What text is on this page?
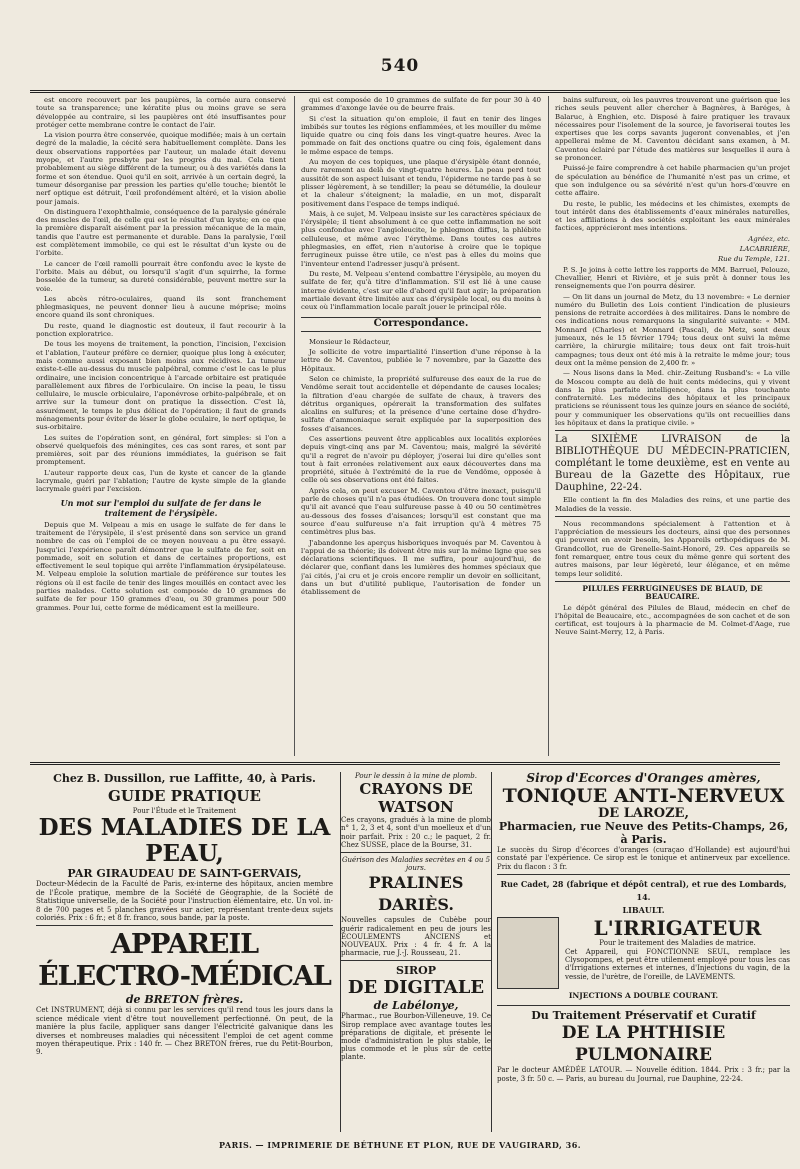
540

est encore recouvert par les paupières, la cornée aura conservé toute sa transparence; une kératite plus ou moins grave se sera développée au contraire, si les paupières ont été insuffisantes pour protéger cette membrane contre le contact de l'air.

La vision pourra être conservée, quoique modifiée; mais à un certain degré de la maladie, la cécité sera habituellement complète. Dans les deux observations rapportées par l'auteur, un malade était devenu myope, et l'autre presbyte par les progrès du mal. Cela tient probablement au siège différent de la tumeur, ou à des variétés dans la forme et son étendue. Quoi qu'il en soit, arrivée à un certain degré, la tumeur désorganise par pression les parties qu'elle touche; bientôt le nerf optique est détruit, l'œil profondément altéré, et la vision abolie pour jamais.

On distinguera l'exophthalmie, conséquence de la paralysie générale des muscles de l'œil, de celle qui est le résultat d'un kyste; en ce que la première disparaît aisément par la pression mécanique de la main, tandis que l'autre est permanente et durable. Dans la paralysie, l'œil est complètement immobile, ce qui est le résultat d'un kyste ou de l'orbite.

Le cancer de l'œil ramolli pourrait être confondu avec le kyste de l'orbite. Mais au début, ou lorsqu'il s'agit d'un squirrhe, la forme bosselée de la tumeur, sa dureté considérable, peuvent mettre sur la voie.

Les abcès rétro-oculaires, quand ils sont franchement phlegmasiques, ne peuvent donner lieu à aucune méprise; moins encore quand ils sont chroniques.

Du reste, quand le diagnostic est douteux, il faut recourir à la ponction exploratrice.

De tous les moyens de traitement, la ponction, l'incision, l'excision et l'ablation, l'auteur préfère ce dernier, quoique plus long à exécuter, mais comme aussi exposant bien moins aux récidives. La tumeur existe-t-elle au-dessus du muscle palpébral, comme c'est le cas le plus ordinaire, une incision concentrique à l'arcade orbitaire est pratiquée parallèlement aux fibres de l'orbiculaire. On incise la peau, le tissu cellulaire, le muscle orbiculaire, l'aponévrose orbito-palpébrale, et on arrive sur la tumeur dont on pratique la dissection. C'est là, assurément, le temps le plus délicat de l'opération; il faut de grands ménagements pour éviter de léser le globe oculaire, le nerf optique, le sus-orbitaire.

Les suites de l'opération sont, en général, fort simples: si l'on a observé quelquefois des méningites, ces cas sont rares, et sont par premières, soit par des réunions immédiates, la guérison se fait promptement.

L'auteur rapporte deux cas, l'un de kyste et cancer de la glande lacrymale, guéri par l'ablation; l'autre de kyste simple de la glande lacrymale guéri par l'excision.

Un mot sur l'emploi du sulfate de fer dans le traitement de l'érysipèle.

Depuis que M. Velpeau a mis en usage le sulfate de fer dans le traitement de l'érysipèle, il s'est présenté dans son service un grand nombre de cas où l'emploi de ce moyen nouveau a pu être essayé. Jusqu'ici l'expérience paraît démontrer que le sulfate de fer, soit en pommade, soit en solution et dans de certaines proportions, est effectivement le seul topique qui arrête l'inflammation érysipélateuse. M. Velpeau emploie la solution martiale de préférence sur toutes les régions où il est facile de tenir des linges mouillés en contact avec les parties malades. Cette solution est composée de 10 grammes de sulfate de fer pour 150 grammes d'eau, ou 30 grammes pour 500 grammes. Pour lui, cette forme de médicament est la meilleure.

qui est composée de 10 grammes de sulfate de fer pour 30 à 40 grammes d'axonge lavée ou de beurre frais.

Si c'est la situation qu'on emploie, il faut en tenir des linges imbibés sur toutes les régions enflammées, et les mouiller du même liquide quatre ou cinq fois dans les vingt-quatre heures. Avec la pommade on fait des onctions quatre ou cinq fois, également dans le même espace de temps.

Au moyen de ces topiques, une plaque d'érysipèle étant donnée, dure rarement au delà de vingt-quatre heures. La peau perd tout aussitôt de son aspect luisant et tendu, l'épiderme ne tarde pas à se plisser légèrement, à se tendiller; la peau se détumélie, la douleur et la chaleur s'éteignent; la maladie, en un mot, disparaît positivement dans l'espace de temps indiqué.

Mais, à ce sujet, M. Velpeau insiste sur les caractères spéciaux de l'érysipèle; il tient absolument à ce que cette inflammation ne soit plus confondue avec l'angioleucite, le phlegmon diffus, la phlébite celluleuse, et même avec l'érythème. Dans toutes ces autres phlegmasies, en effet, rien n'autorise à croire que le topique ferrugineux puisse être utile, ce n'est pas à elles du moins que l'inventeur entend l'adresser jusqu'à présent.

Du reste, M. Velpeau s'entend combattre l'érysipèle, au moyen du sulfate de fer, qu'à titre d'inflammation. S'il est lié à une cause interne évidente, c'est sur elle d'abord qu'il faut agir; la préparation martiale devant être limitée aux cas d'érysipèle local, ou du moins à ceux où l'inflammation locale paraît jouer le principal rôle.

Correspondance.

Monsieur le Rédacteur,

Je sollicite de votre impartialité l'insertion d'une réponse à la lettre de M. Caventou, publiée le 7 novembre, par la Gazette des Hôpitaux.

Selon ce chimiste, la propriété sulfureuse des eaux de la rue de Vendôme serait tout accidentelle et dépendante de causes locales; la filtration d'eau chargée de sulfate de chaux, à travers des détritus organiques, opérerait la transformation des sulfates alcalins en sulfures; et la présence d'une certaine dose d'hydro-sulfate d'ammoniaque serait expliquée par la superposition des fosses d'aisances.

Ces assertions peuvent être applicables aux localités explorées depuis vingt-cinq ans par M. Caventou; mais, malgré la sévérité qu'il a regret de n'avoir pu déployer, j'oserai lui dire qu'elles sont tout à fait erronées relativement aux eaux découvertes dans ma propriété, située à l'extrémité de la rue de Vendôme, opposée à celle où ses observations ont été faites.

Après cela, on peut excuser M. Caventou d'être inexact, puisqu'il parle de choses qu'il n'a pas étudiées. On trouvera donc tout simple qu'il ait avancé que l'eau sulfureuse passe à 40 ou 50 centimètres au-dessous des fosses d'aisances; lorsqu'il est constant que ma source d'eau sulfureuse n'a fait irruption qu'à 4 mètres 75 centimètres plus bas.

J'abandonne les aperçus hisboriques invoqués par M. Caventou à l'appui de sa théorie; ils doivent être mis sur la même ligne que ses déclarations scientifiques. Il me suffira, pour aujourd'hui, de déclarer que, confiant dans les lumières des hommes spéciaux que j'ai cités, j'ai cru et je crois encore remplir un devoir en sollicitant, dans un but d'utilité publique, l'autorisation de fonder un établissement de

bains sulfureux, où les pauvres trouveront une guérison que les riches seuls peuvent aller chercher à Bagnères, à Baréges, à Balaruc, à Enghien, etc. Disposé à faire pratiquer les travaux nécessaires pour l'isolement de la source, je favoriserai toutes les expertises que les corps savants jugeront convenables, et j'en appellerai même de M. Caventou décidant sans examen, à M. Caventou éclairé par l'étude des matières sur lesquelles il aura à se prononcer.

Puissé-je faire comprendre à cet habile pharmacien qu'un projet de spéculation au bénéfice de l'humanité n'est pas un crime, et que son indulgence ou sa sévérité n'est qu'un hors-d'œuvre en cette affaire.

Du reste, le public, les médecins et les chimistes, exempts de tout intérêt dans des établissements d'eaux minérales naturelles, et les affiliations à des sociétés exploitant les eaux minérales factices, apprécieront mes intentions.

Agréez, etc.

LACABRIÈRE,

Rue du Temple, 121.

P. S. Je joins à cette lettre les rapports de MM. Barruel, Pelouze, Chevallier, Henri et Rivière, et je suis prêt à donner tous les renseignements que l'on pourra désirer.

— On lit dans un journal de Metz, du 13 novembre: « Le dernier numéro du Bulletin des Lois contient l'indication de plusieurs pensions de retraite accordées à des militaires. Dans le nombre de ces indications nous remarquons la singularité suivante: « MM. Monnard (Charles) et Monnard (Pascal), de Metz, sont deux jumeaux, nés le 15 février 1794; tous deux ont suivi la même carrière, la chirurgie militaire; tous deux ont fait trois-huit campagnes; tous deux ont été mis à la retraite le même jour; tous deux ont la même pension de 2,400 fr. »

— Nous lisons dans la Med. chir.-Zeitung Rusband's: « La ville de Moscou compte au delà de huit cents médecins, qui y vivent dans la plus parfaite intelligence, dans la plus touchante confraternité. Les médecins des hôpitaux et les principaux praticiens se réunissent tous les quinze jours en séance de société, pour y communiquer les observations qu'ils ont recueillies dans les hôpitaux et dans la pratique civile. »

La SIXIÈME LIVRAISON de la BIBLIOTHÈQUE DU MÉDECIN-PRATICIEN, complétant le tome deuxième, est en vente au Bureau de la Gazette des Hôpitaux, rue Dauphine, 22-24.

Elle contient la fin des Maladies des reins, et une partie des Maladies de la vessie.

Nous recommandons spécialement à l'attention et à l'appréciation de messieurs les docteurs, ainsi que des personnes qui peuvent en avoir besoin, les Appareils orthopédiques de M. Grandcollot, rue de Grenelle-Saint-Honoré, 29. Ces appareils se font remarquer, entre tous ceux du même genre qui sortent des autres maisons, par leur légèreté, leur élégance, et en même temps leur solidité.

PILULES FERRUGINEUSES DE BLAUD, DE BEAUCAIRE.

Le dépôt général des Pilules de Blaud, médecin en chef de l'hôpital de Beaucaire, etc., accompagnées de son cachet et de son certificat, est toujours à la pharmacie de M. Colmet-d'Aage, rue Neuve Saint-Merry, 12, à Paris.

Chez B. Dussillon, rue Laffitte, 40, à Paris.

GUIDE PRATIQUE

Pour l'Étude et le Traitement

DES MALADIES DE LA PEAU,

PAR GIRAUDEAU DE SAINT-GERVAIS,

Docteur-Médecin de la Faculté de Paris, ex-interne des hôpitaux, ancien membre de l'École pratique, membre de la Société de Géographie, de la Société de Statistique universelle, de la Société pour l'instruction élémentaire, etc. Un vol. in-8 de 700 pages et 5 planches gravées sur acier, représentant trente-deux sujets coloriés. Prix : 6 fr.; et 8 fr. franco, sous bande, par la poste.

APPAREIL ÉLECTRO-MÉDICAL

de BRETON frères.

Cet INSTRUMENT, déjà si connu par les services qu'il rend tous les jours dans la science médicale vient d'être tout nouvellement perfectionné. On peut, de la manière la plus facile, appliquer sans danger l'électricité galvanique dans les diverses et nombreuses maladies qui nécessitent l'emploi de cet agent comme moyen thérapeutique. Prix : 140 fr. — Chez BRETON frères, rue du Petit-Bourbon, 9.

Pour le dessin à la mine de plomb.

CRAYONS DE WATSON

Ces crayons, gradués à la mine de plomb n° 1, 2, 3 et 4, sont d'un moelleux et d'un noir parfait. Prix : 20 c.; le paquet, 2 fr. Chez SUSSE, place de la Bourse, 31.

Guérison des Maladies secrètes en 4 ou 5 jours.

PRALINES DARIÈS.

Nouvelles capsules de Cubèbe pour guérir radicalement en peu de jours les ÉCOULEMENTS ANCIENS et NOUVEAUX. Prix : 4 fr. 4 fr. A la pharmacie, rue J.-J. Rousseau, 21.

SIROP

DE DIGITALE

de Labélonye,

Pharmac., rue Bourbon-Villeneuve, 19. Ce Sirop remplace avec avantage toutes les préparations de digitale, et présente le mode d'administration le plus stable, le plus commode et le plus sûr de cette plante.

Sirop d'Écorces d'Oranges amères,

TONIQUE ANTI-NERVEUX

DE LAROZE,

Pharmacien, rue Neuve des Petits-Champs, 26, à Paris.

Le succès du Sirop d'écorces d'oranges (curaçao d'Hollande) est aujourd'hui constaté par l'expérience. Ce sirop est le tonique et antinerveux par excellence. Prix du flacon : 3 fr.

Rue Cadet, 28 (fabrique et dépôt central), et rue des Lombards, 14.

LIBAULT.

L'IRRIGATEUR

Pour le traitement des Maladies de matrice.

Cet Appareil, qui FONCTIONNE SEUL, remplace les Clysopompes, et peut être utilement employé pour tous les cas d'Irrigations externes et internes, d'Injections du vagin, de la vessie, de l'urètre, de l'oreille, de LAVEMENTS.

INJECTIONS A DOUBLE COURANT.

Du Traitement Préservatif et Curatif

DE LA PHTHISIE PULMONAIRE

Par le docteur AMÉDÉE LATOUR. — Nouvelle édition. 1844. Prix : 3 fr.; par la poste, 3 fr. 50 c. — Paris, au bureau du Journal, rue Dauphine, 22-24.

PARIS. — IMPRIMERIE DE BÉTHUNE ET PLON, RUE DE VAUGIRARD, 36.
